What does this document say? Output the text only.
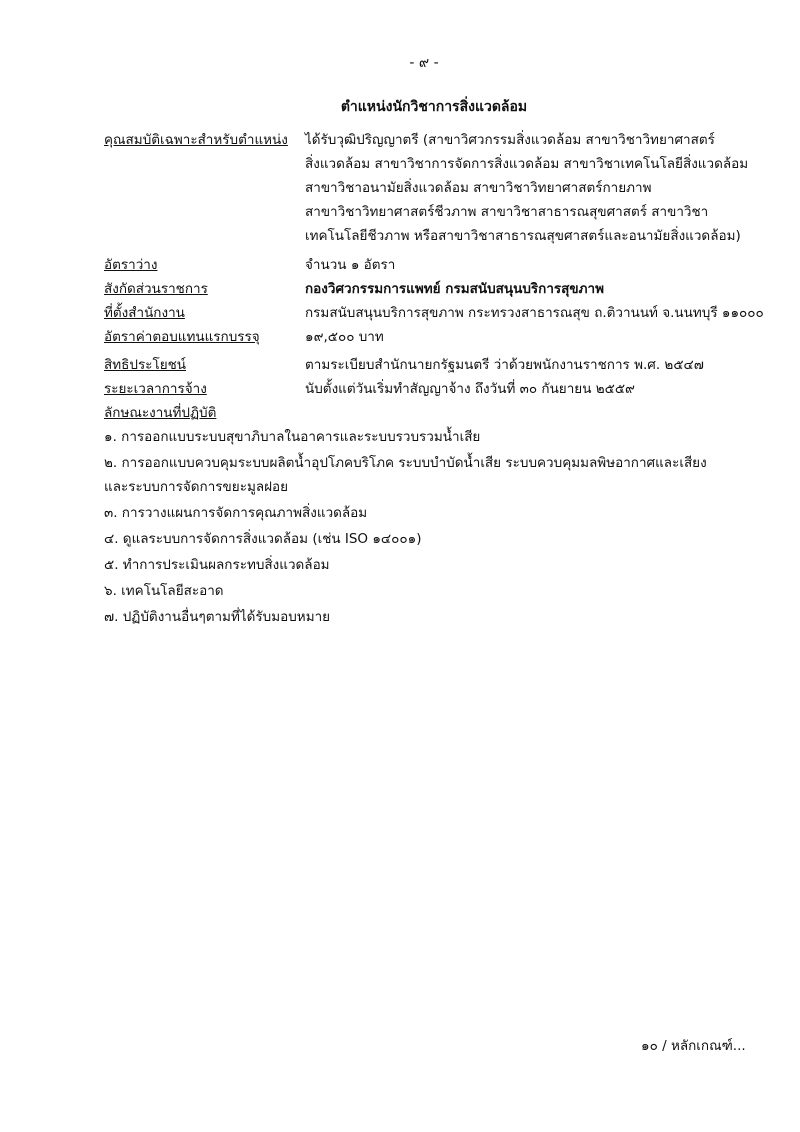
- ๙ -
ตำแหน่งนักวิชาการสิ่งแวดล้อม
คุณสมบัติเฉพาะสำหรับตำแหน่ง ได้รับวุฒิปริญญาตรี (สาขาวิศวกรรมสิ่งแวดล้อม สาขาวิชาวิทยาศาสตร์
สิ่งแวดล้อม สาขาวิชาการจัดการสิ่งแวดล้อม สาขาวิชาเทคโนโลยีสิ่งแวดล้อม
สาขาวิชาอนามัยสิ่งแวดล้อม สาขาวิชาวิทยาศาสตร์กายภาพ
สาขาวิชาวิทยาศาสตร์ชีวภาพ สาขาวิชาสาธารณสุขศาสตร์ สาขาวิชา
เทคโนโลยีชีวภาพ หรือสาขาวิชาสาธารณสุขศาสตร์และอนามัยสิ่งแวดล้อม)
อัตราว่าง	จำนวน ๑ อัตรา
สังกัดส่วนราชการ	กองวิศวกรรมการแพทย์ กรมสนับสนุนบริการสุขภาพ
ที่ตั้งสำนักงาน	กรมสนับสนุนบริการสุขภาพ กระทรวงสาธารณสุข ถ.ติวานนท์ จ.นนทบุรี ๑๑๐๐๐
อัตราค่าตอบแทนแรกบรรจุ	๑๙,๕๐๐ บาท
สิทธิประโยชน์	ตามระเบียบสำนักนายกรัฐมนตรี ว่าด้วยพนักงานราชการ พ.ศ. ๒๕๔๗
ระยะเวลาการจ้าง	นับตั้งแต่วันเริ่มทำสัญญาจ้าง ถึงวันที่ ๓๐ กันยายน ๒๕๕๙
ลักษณะงานที่ปฏิบัติ
๑. การออกแบบระบบสุขาภิบาลในอาคารและระบบรวบรวมน้ำเสีย
๒. การออกแบบควบคุมระบบผลิตน้ำอุปโภคบริโภค ระบบบำบัดน้ำเสีย ระบบควบคุมมลพิษอากาศและเสียง
และระบบการจัดการขยะมูลฝอย
๓. การวางแผนการจัดการคุณภาพสิ่งแวดล้อม
๔. ดูแลระบบการจัดการสิ่งแวดล้อม (เช่น ISO ๑๔๐๐๑)
๕. ทำการประเมินผลกระทบสิ่งแวดล้อม
๖. เทคโนโลยีสะอาด
๗. ปฏิบัติงานอื่นๆตามที่ได้รับมอบหมาย
๑๐ / หลักเกณฑ์...
